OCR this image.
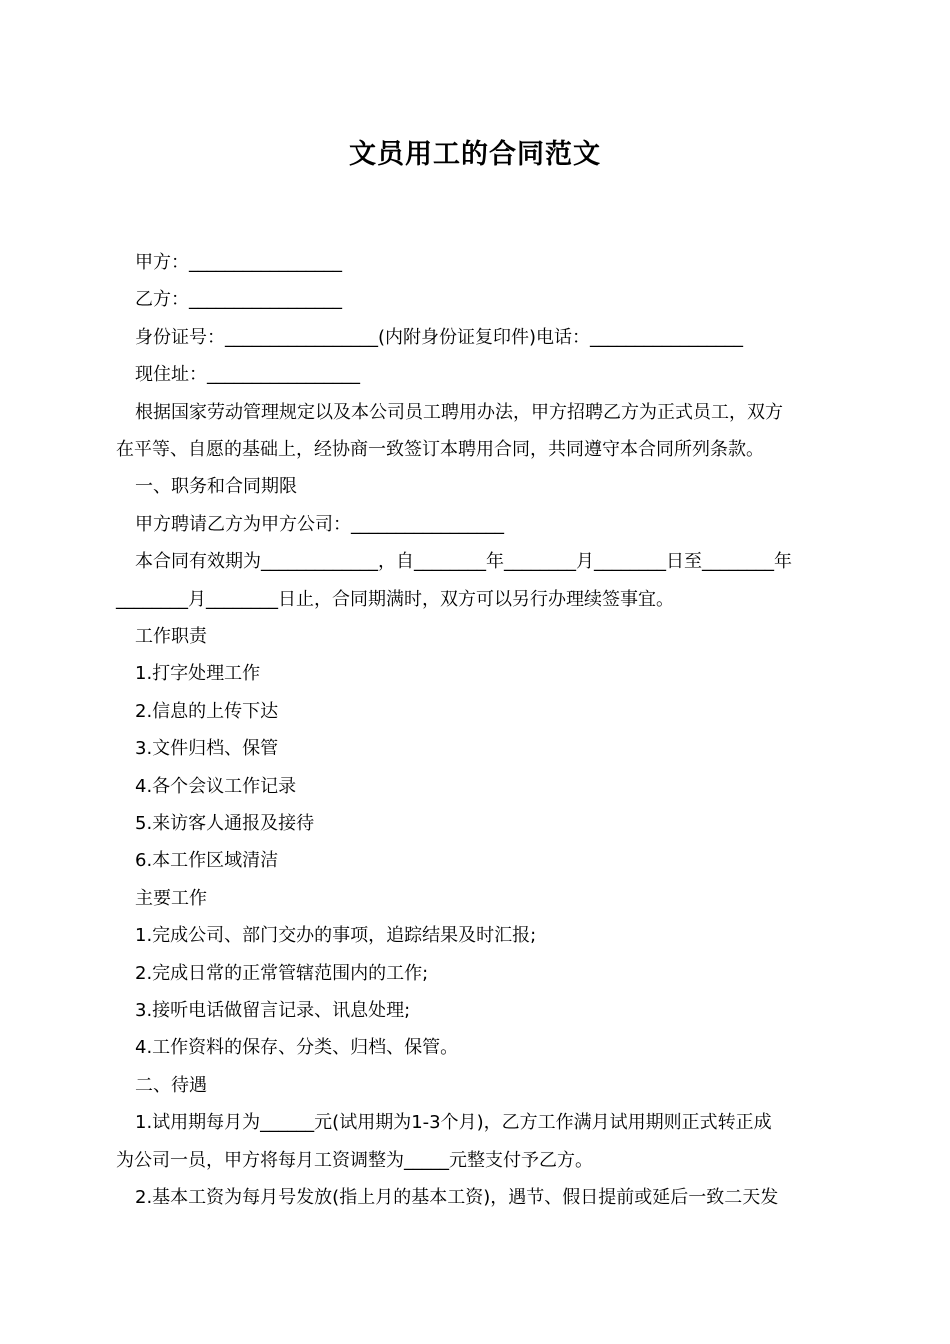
文员用工的合同范文
甲方：_________________
乙方：_________________
身份证号：_________________(内附身份证复印件)电话：_________________
现住址：_________________
根据国家劳动管理规定以及本公司员工聘用办法，甲方招聘乙方为正式员工，双方
在平等、自愿的基础上，经协商一致签订本聘用合同，共同遵守本合同所列条款。
一、职务和合同期限
甲方聘请乙方为甲方公司：_________________
本合同有效期为_____________，自________年________月________日至________年
________月________日止，合同期满时，双方可以另行办理续签事宜。
工作职责
1.打字处理工作
2.信息的上传下达
3.文件归档、保管
4.各个会议工作记录
5.来访客人通报及接待
6.本工作区域清洁
主要工作
1.完成公司、部门交办的事项，追踪结果及时汇报;
2.完成日常的正常管辖范围内的工作;
3.接听电话做留言记录、讯息处理;
4.工作资料的保存、分类、归档、保管。
二、待遇
1.试用期每月为______元(试用期为1-3个月)，乙方工作满月试用期则正式转正成
为公司一员，甲方将每月工资调整为_____元整支付予乙方。
2.基本工资为每月号发放(指上月的基本工资)，遇节、假日提前或延后一致二天发
